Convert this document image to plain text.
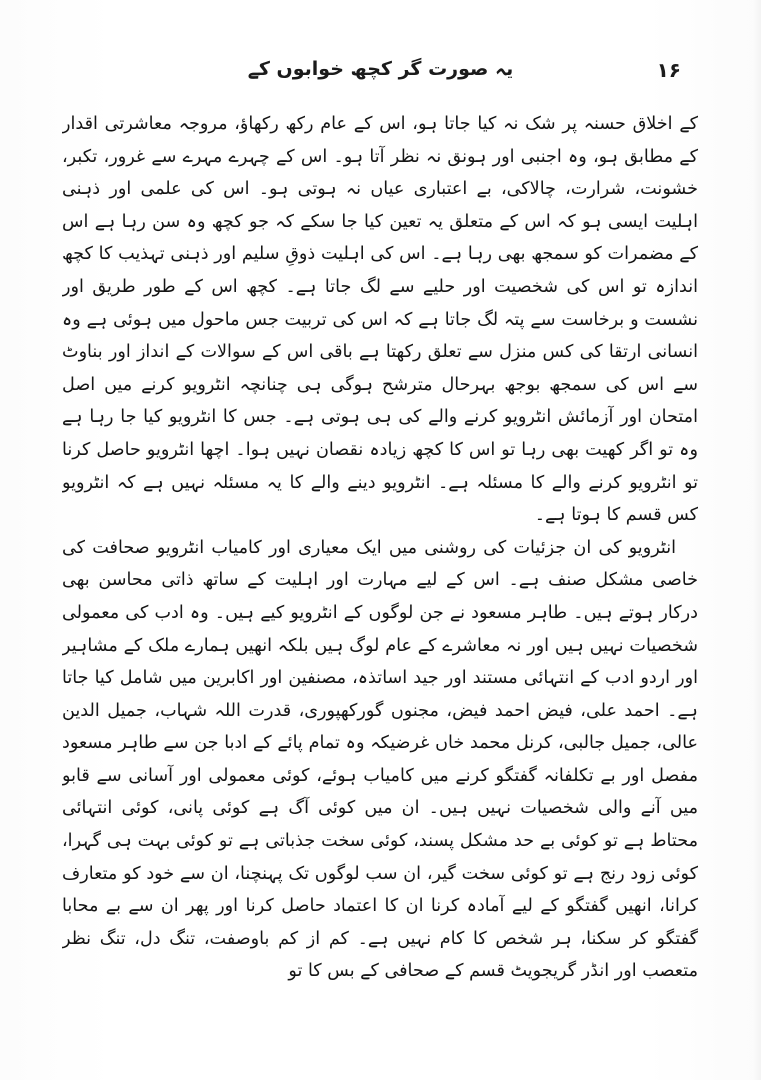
۱۶
یہ صورت گر کچھ خوابوں کے

کے اخلاق حسنہ پر شک نہ کیا جاتا ہو، اس کے عام رکھ رکھاؤ، مروجہ معاشرتی اقدار کے مطابق ہو، وہ اجنبی اور ہونق نہ نظر آتا ہو۔ اس کے چہرے مہرے سے غرور، تکبر، خشونت، شرارت، چالاکی، بے اعتباری عیاں نہ ہوتی ہو۔ اس کی علمی اور ذہنی اہلیت ایسی ہو کہ اس کے متعلق یہ تعین کیا جا سکے کہ جو کچھ وہ سن رہا ہے اس کے مضمرات کو سمجھ بھی رہا ہے۔ اس کی اہلیت ذوقِ سلیم اور ذہنی تہذیب کا کچھ اندازہ تو اس کی شخصیت اور حلیے سے لگ جاتا ہے۔ کچھ اس کے طور طریق اور نشست و برخاست سے پتہ لگ جاتا ہے کہ اس کی تربیت جس ماحول میں ہوئی ہے وہ انسانی ارتقا کی کس منزل سے تعلق رکھتا ہے باقی اس کے سوالات کے انداز اور بناوٹ سے اس کی سمجھ بوجھ بہرحال مترشح ہوگی ہی چنانچہ انٹرویو کرنے میں اصل امتحان اور آزمائش انٹرویو کرنے والے کی ہی ہوتی ہے۔ جس کا انٹرویو کیا جا رہا ہے وہ تو اگر کھیت بھی رہا تو اس کا کچھ زیادہ نقصان نہیں ہوا۔ اچھا انٹرویو حاصل کرنا تو انٹرویو کرنے والے کا مسئلہ ہے۔ انٹرویو دینے والے کا یہ مسئلہ نہیں ہے کہ انٹرویو کس قسم کا ہوتا ہے۔

انٹرویو کی ان جزئیات کی روشنی میں ایک معیاری اور کامیاب انٹرویو صحافت کی خاصی مشکل صنف ہے۔ اس کے لیے مہارت اور اہلیت کے ساتھ ذاتی محاسن بھی درکار ہوتے ہیں۔ طاہر مسعود نے جن لوگوں کے انٹرویو کیے ہیں۔ وہ ادب کی معمولی شخصیات نہیں ہیں اور نہ معاشرے کے عام لوگ ہیں بلکہ انھیں ہمارے ملک کے مشاہیر اور اردو ادب کے انتہائی مستند اور جید اساتذہ، مصنفین اور اکابرین میں شامل کیا جاتا ہے۔ احمد علی، فیض احمد فیض، مجنوں گورکھپوری، قدرت اللہ شہاب، جمیل الدین عالی، جمیل جالبی، کرنل محمد خاں غرضیکہ وہ تمام پائے کے ادبا جن سے طاہر مسعود مفصل اور بے تکلفانہ گفتگو کرنے میں کامیاب ہوئے، کوئی معمولی اور آسانی سے قابو میں آنے والی شخصیات نہیں ہیں۔ ان میں کوئی آگ ہے کوئی پانی، کوئی انتہائی محتاط ہے تو کوئی بے حد مشکل پسند، کوئی سخت جذباتی ہے تو کوئی بہت ہی گہرا، کوئی زود رنج ہے تو کوئی سخت گیر، ان سب لوگوں تک پہنچنا، ان سے خود کو متعارف کرانا، انھیں گفتگو کے لیے آمادہ کرنا ان کا اعتماد حاصل کرنا اور پھر ان سے بے محابا گفتگو کر سکنا، ہر شخص کا کام نہیں ہے۔ کم از کم باوصفت، تنگ دل، تنگ نظر متعصب اور انڈر گریجویٹ قسم کے صحافی کے بس کا تو
